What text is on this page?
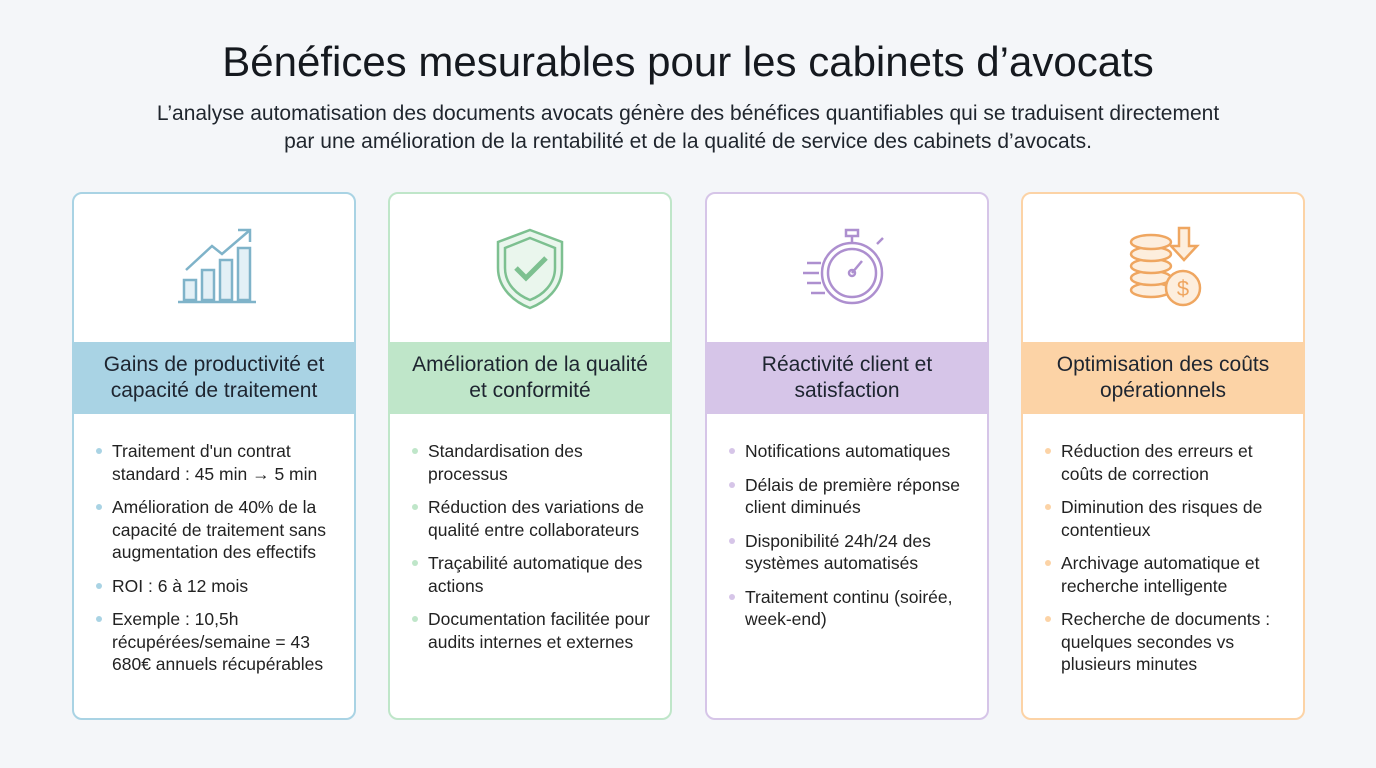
Bénéfices mesurables pour les cabinets d’avocats

L’analyse automatisation des documents avocats génère des bénéfices quantifiables qui se traduisent directement par une amélioration de la rentabilité et de la qualité de service des cabinets d’avocats.

Gains de productivité et capacité de traitement
Traitement d'un contrat standard : 45 min → 5 min
Amélioration de 40% de la capacité de traitement sans augmentation des effectifs
ROI : 6 à 12 mois
Exemple : 10,5h récupérées/semaine = 43 680€ annuels récupérables
Amélioration de la qualité et conformité
Standardisation des processus
Réduction des variations de qualité entre collaborateurs
Traçabilité automatique des actions
Documentation facilitée pour audits internes et externes
Réactivité client et satisfaction
Notifications automatiques
Délais de première réponse client diminués
Disponibilité 24h/24 des systèmes automatisés
Traitement continu (soirée, week-end)
$
Optimisation des coûts opérationnels
Réduction des erreurs et coûts de correction
Diminution des risques de contentieux
Archivage automatique et recherche intelligente
Recherche de documents : quelques secondes vs plusieurs minutes
